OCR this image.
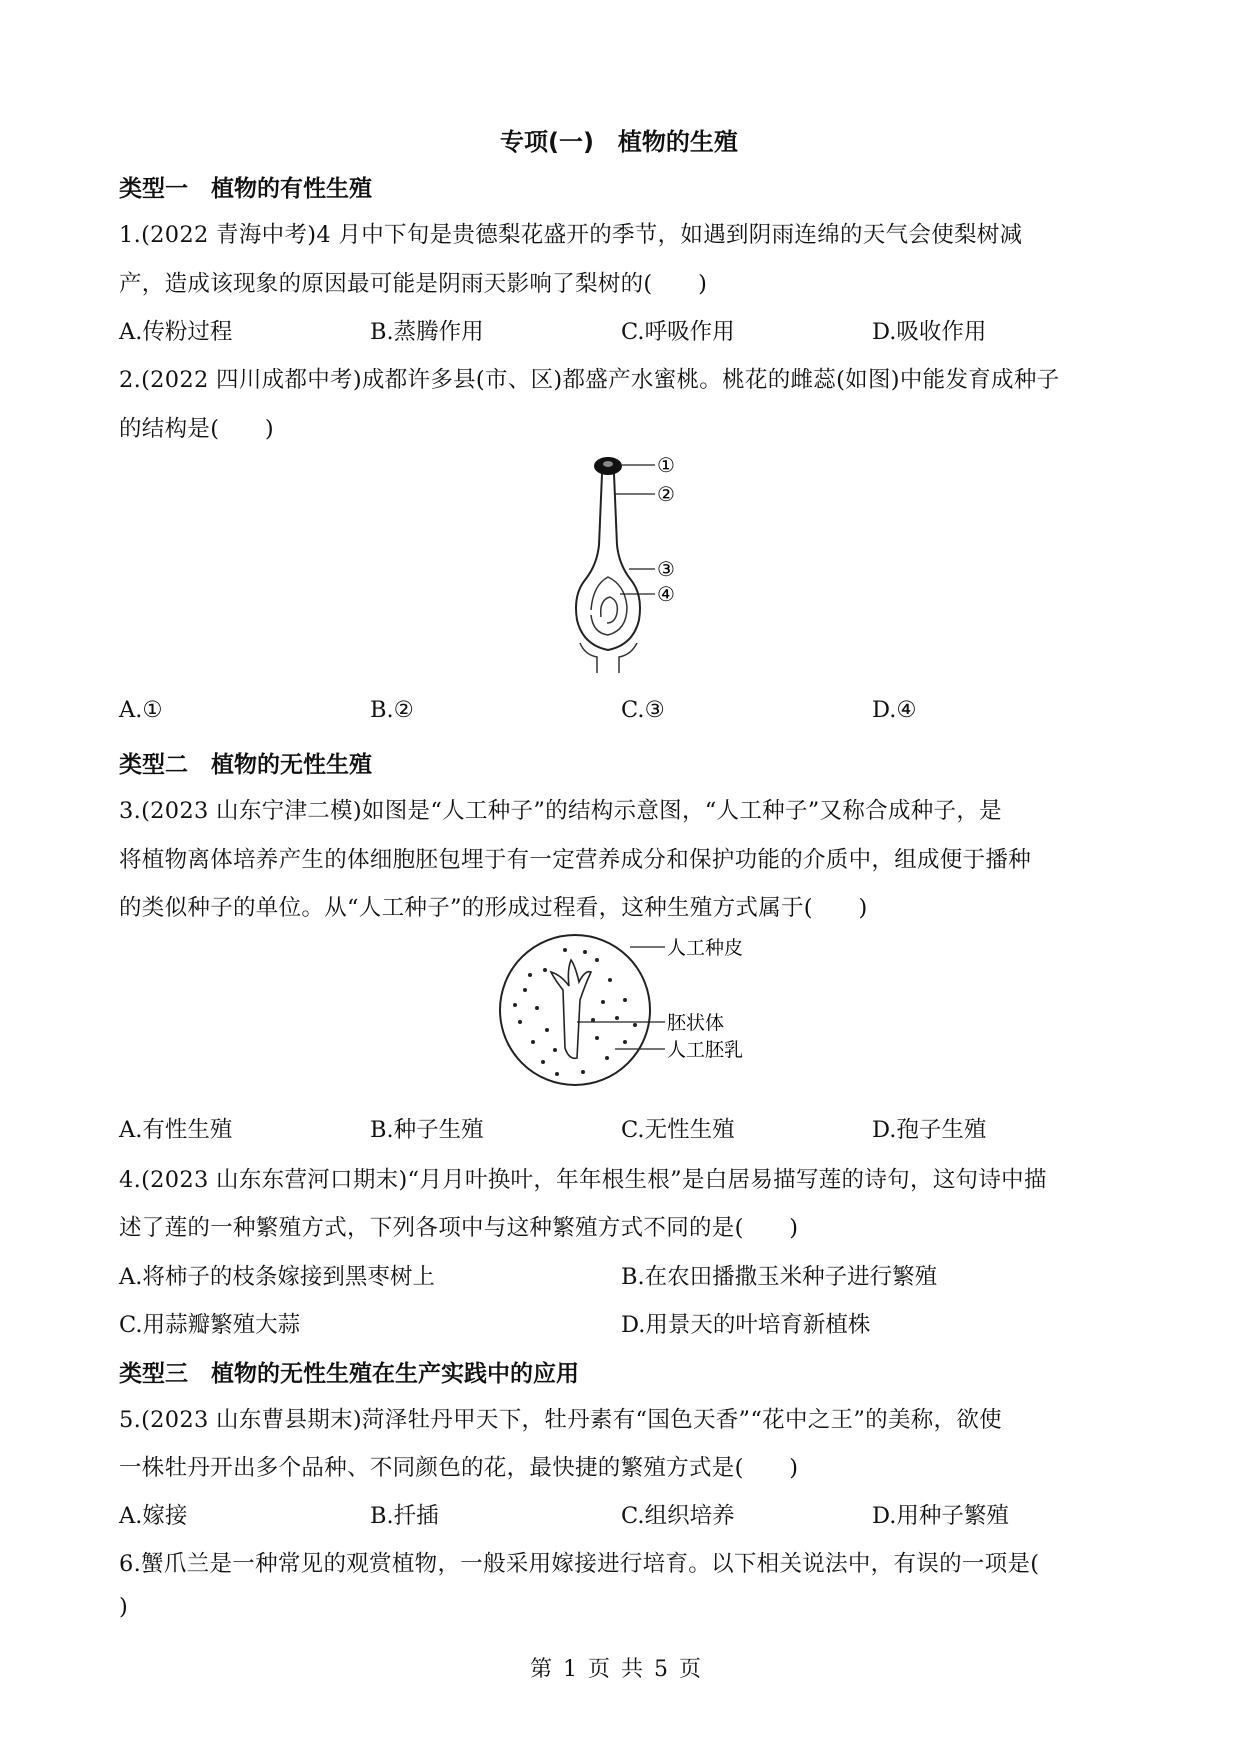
专项(一)　植物的生殖
类型一　植物的有性生殖
1.(2022 青海中考)4 月中下旬是贵德梨花盛开的季节，如遇到阴雨连绵的天气会使梨树减
产，造成该现象的原因最可能是阴雨天影响了梨树的(　　)
A.传粉过程	B.蒸腾作用	C.呼吸作用	D.吸收作用
2.(2022 四川成都中考)成都许多县(市、区)都盛产水蜜桃。桃花的雌蕊(如图)中能发育成种子
的结构是(　　)
①
②
③
④
A.①	B.②	C.③	D.④
类型二　植物的无性生殖
3.(2023 山东宁津二模)如图是“人工种子”的结构示意图，“人工种子”又称合成种子，是
将植物离体培养产生的体细胞胚包埋于有一定营养成分和保护功能的介质中，组成便于播种
的类似种子的单位。从“人工种子”的形成过程看，这种生殖方式属于(　　)
人工种皮
胚状体
人工胚乳
A.有性生殖	B.种子生殖	C.无性生殖	D.孢子生殖
4.(2023 山东东营河口期末)“月月叶换叶，年年根生根”是白居易描写莲的诗句，这句诗中描
述了莲的一种繁殖方式，下列各项中与这种繁殖方式不同的是(　　)
A.将柿子的枝条嫁接到黑枣树上	B.在农田播撒玉米种子进行繁殖
C.用蒜瓣繁殖大蒜	D.用景天的叶培育新植株
类型三　植物的无性生殖在生产实践中的应用
5.(2023 山东曹县期末)菏泽牡丹甲天下，牡丹素有“国色天香”“花中之王”的美称，欲使
一株牡丹开出多个品种、不同颜色的花，最快捷的繁殖方式是(　　)
A.嫁接	B.扦插	C.组织培养	D.用种子繁殖
6.蟹爪兰是一种常见的观赏植物，一般采用嫁接进行培育。以下相关说法中，有误的一项是(
)
第 1 页 共 5 页
